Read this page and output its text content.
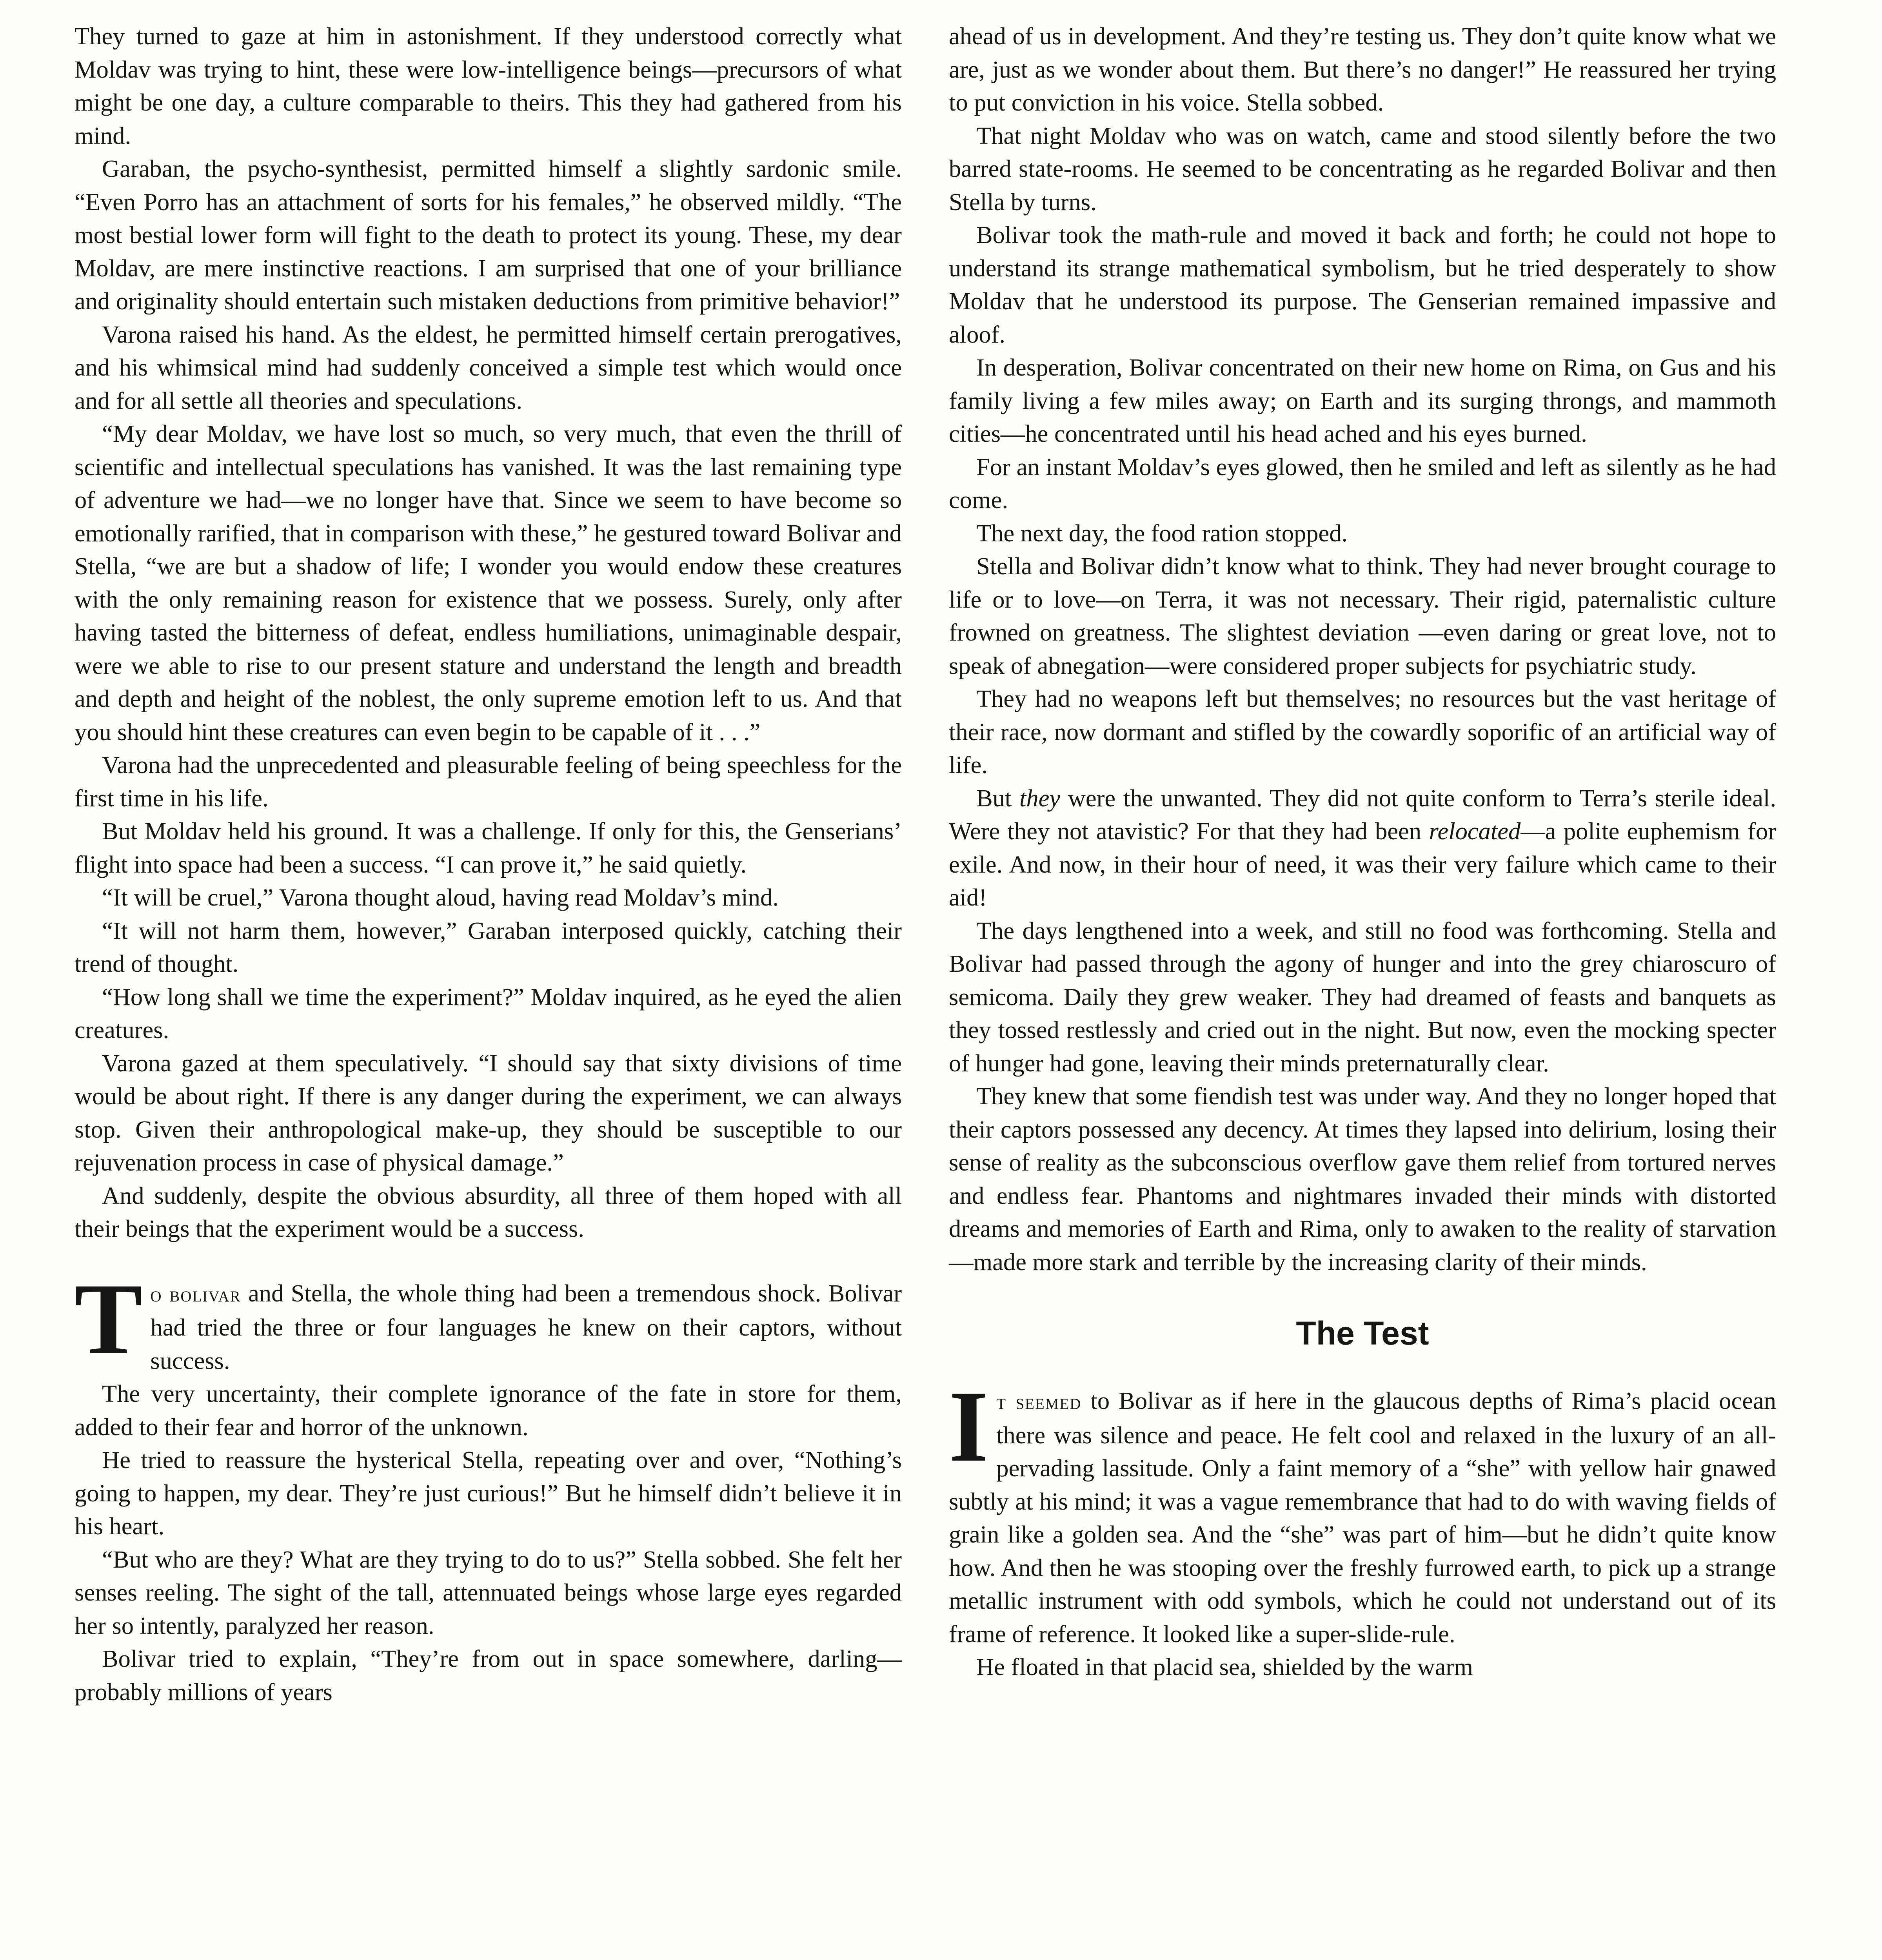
They turned to gaze at him in astonishment. If they understood correctly what Moldav was trying to hint, these were low-intelligence beings—precursors of what might be one day, a culture comparable to theirs. This they had gathered from his mind.

Garaban, the psycho-synthesist, permitted himself a slightly sardonic smile. “Even Porro has an attachment of sorts for his females,” he observed mildly. “The most bestial lower form will fight to the death to protect its young. These, my dear Moldav, are mere instinctive reactions. I am surprised that one of your brilliance and originality should entertain such mistaken deductions from primitive behavior!”

Varona raised his hand. As the eldest, he permitted himself certain prerogatives, and his whimsical mind had suddenly conceived a simple test which would once and for all settle all theories and speculations.

“My dear Moldav, we have lost so much, so very much, that even the thrill of scientific and intellectual speculations has vanished. It was the last remaining type of adventure we had—we no longer have that. Since we seem to have become so emotionally rarified, that in comparison with these,” he gestured toward Bolivar and Stella, “we are but a shadow of life; I wonder you would endow these creatures with the only remaining reason for existence that we possess. Surely, only after having tasted the bitterness of defeat, endless humiliations, unimaginable despair, were we able to rise to our present stature and understand the length and breadth and depth and height of the noblest, the only supreme emotion left to us. And that you should hint these creatures can even begin to be capable of it . . .”

Varona had the unprecedented and pleasurable feeling of being speechless for the first time in his life.

But Moldav held his ground. It was a challenge. If only for this, the Genserians’ flight into space had been a success. “I can prove it,” he said quietly.

“It will be cruel,” Varona thought aloud, having read Moldav’s mind.

“It will not harm them, however,” Garaban interposed quickly, catching their trend of thought.

“How long shall we time the experiment?” Moldav inquired, as he eyed the alien creatures.

Varona gazed at them speculatively. “I should say that sixty divisions of time would be about right. If there is any danger during the experiment, we can always stop. Given their anthropological make-up, they should be susceptible to our rejuvenation process in case of physical damage.”

And suddenly, despite the obvious absurdity, all three of them hoped with all their beings that the experiment would be a success.

To bolivar and Stella, the whole thing had been a tremendous shock. Bolivar had tried the three or four languages he knew on their captors, without success.

The very uncertainty, their complete ignorance of the fate in store for them, added to their fear and horror of the unknown.

He tried to reassure the hysterical Stella, repeating over and over, “Nothing’s going to happen, my dear. They’re just curious!” But he himself didn’t believe it in his heart.

“But who are they? What are they trying to do to us?” Stella sobbed. She felt her senses reeling. The sight of the tall, attennuated beings whose large eyes regarded her so intently, paralyzed her reason.

Bolivar tried to explain, “They’re from out in space somewhere, darling—probably millions of years

ahead of us in development. And they’re testing us. They don’t quite know what we are, just as we wonder about them. But there’s no danger!” He reassured her trying to put conviction in his voice. Stella sobbed.

That night Moldav who was on watch, came and stood silently before the two barred state-rooms. He seemed to be concentrating as he regarded Bolivar and then Stella by turns.

Bolivar took the math-rule and moved it back and forth; he could not hope to understand its strange mathematical symbolism, but he tried desperately to show Moldav that he understood its purpose. The Genserian remained impassive and aloof.

In desperation, Bolivar concentrated on their new home on Rima, on Gus and his family living a few miles away; on Earth and its surging throngs, and mammoth cities—he concentrated until his head ached and his eyes burned.

For an instant Moldav’s eyes glowed, then he smiled and left as silently as he had come.

The next day, the food ration stopped.

Stella and Bolivar didn’t know what to think. They had never brought courage to life or to love—on Terra, it was not necessary. Their rigid, paternalistic culture frowned on greatness. The slightest deviation —even daring or great love, not to speak of abnegation—were considered proper subjects for psychiatric study.

They had no weapons left but themselves; no resources but the vast heritage of their race, now dormant and stifled by the cowardly soporific of an artificial way of life.

But they were the unwanted. They did not quite conform to Terra’s sterile ideal. Were they not atavistic? For that they had been relocated—a polite euphemism for exile. And now, in their hour of need, it was their very failure which came to their aid!

The days lengthened into a week, and still no food was forthcoming. Stella and Bolivar had passed through the agony of hunger and into the grey chiaroscuro of semicoma. Daily they grew weaker. They had dreamed of feasts and banquets as they tossed restlessly and cried out in the night. But now, even the mocking specter of hunger had gone, leaving their minds preternaturally clear.

They knew that some fiendish test was under way. And they no longer hoped that their captors possessed any decency. At times they lapsed into delirium, losing their sense of reality as the subconscious overflow gave them relief from tortured nerves and endless fear. Phantoms and nightmares invaded their minds with distorted dreams and memories of Earth and Rima, only to awaken to the reality of starvation—made more stark and terrible by the increasing clarity of their minds.

The Test

It seemed to Bolivar as if here in the glaucous depths of Rima’s placid ocean there was silence and peace. He felt cool and relaxed in the luxury of an all-pervading lassitude. Only a faint memory of a “she” with yellow hair gnawed subtly at his mind; it was a vague remembrance that had to do with waving fields of grain like a golden sea. And the “she” was part of him—but he didn’t quite know how. And then he was stooping over the freshly furrowed earth, to pick up a strange metallic instrument with odd symbols, which he could not understand out of its frame of reference. It looked like a super-slide-rule.

He floated in that placid sea, shielded by the warm
